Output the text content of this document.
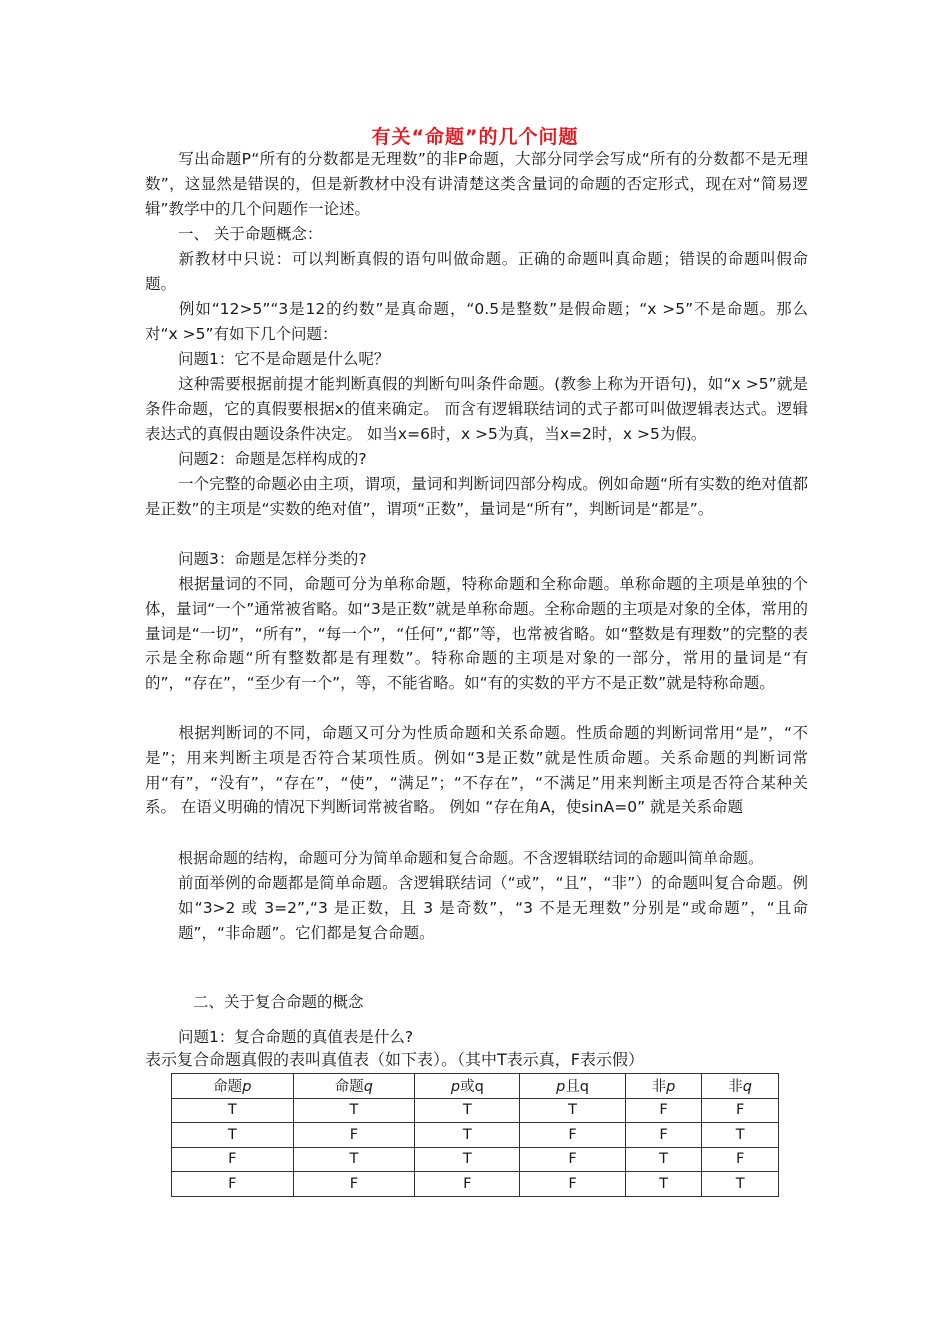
有关“命题”的几个问题

写出命题P“所有的分数都是无理数”的非P命题，大部分同学会写成“所有的分数都不是无理数”，这显然是错误的，但是新教材中没有讲清楚这类含量词的命题的否定形式，现在对“简易逻辑”教学中的几个问题作一论述。

一、 关于命题概念：

新教材中只说：可以判断真假的语句叫做命题。正确的命题叫真命题；错误的命题叫假命题。

例如“12>5”“3是12的约数”是真命题，“0.5是整数”是假命题；“x >5”不是命题。那么对“x >5”有如下几个问题：

问题1：它不是命题是什么呢？

这种需要根据前提才能判断真假的判断句叫条件命题。(教参上称为开语句)，如“x >5”就是条件命题，它的真假要根据x的值来确定。 而含有逻辑联结词的式子都可叫做逻辑表达式。逻辑表达式的真假由题设条件决定。 如当x=6时，x >5为真，当x=2时，x >5为假。

问题2：命题是怎样构成的?

一个完整的命题必由主项，谓项，量词和判断词四部分构成。例如命题“所有实数的绝对值都是正数”的主项是“实数的绝对值”，谓项“正数”，量词是“所有”，判断词是“都是”。

问题3：命题是怎样分类的?

根据量词的不同，命题可分为单称命题，特称命题和全称命题。单称命题的主项是单独的个体，量词“一个”通常被省略。如“3是正数”就是单称命题。全称命题的主项是对象的全体，常用的量词是“一切”，“所有”，“每一个”，“任何”,“都”等，也常被省略。如“整数是有理数”的完整的表示是全称命题“所有整数都是有理数”。特称命题的主项是对象的一部分，常用的量词是“有的”，“存在”，“至少有一个”，等，不能省略。如“有的实数的平方不是正数”就是特称命题。

根据判断词的不同，命题又可分为性质命题和关系命题。性质命题的判断词常用“是”，“不是”；用来判断主项是否符合某项性质。例如“3是正数”就是性质命题。关系命题的判断词常用“有”，“没有”，“存在”，“使”，“满足”；“不存在”，“不满足”用来判断主项是否符合某种关系。 在语义明确的情况下判断词常被省略。 例如 “存在角A，使sinA=0” 就是关系命题

根据命题的结构，命题可分为简单命题和复合命题。不含逻辑联结词的命题叫简单命题。

前面举例的命题都是简单命题。含逻辑联结词（“或”，“且”，“非”）的命题叫复合命题。例如“3>2 或 3=2”,“3 是正数，且 3 是奇数”，“3 不是无理数”分别是“或命题”，“且命题”，“非命题”。它们都是复合命题。

二、关于复合命题的概念

问题1：复合命题的真值表是什么?

表示复合命题真假的表叫真值表（如下表）。（其中T表示真，F表示假）

命题p	命题q	p或q	p且q	非p	非q
T	T	T	T	F	F
T	F	T	F	F	T
F	T	T	F	T	F
F	F	F	F	T	T
